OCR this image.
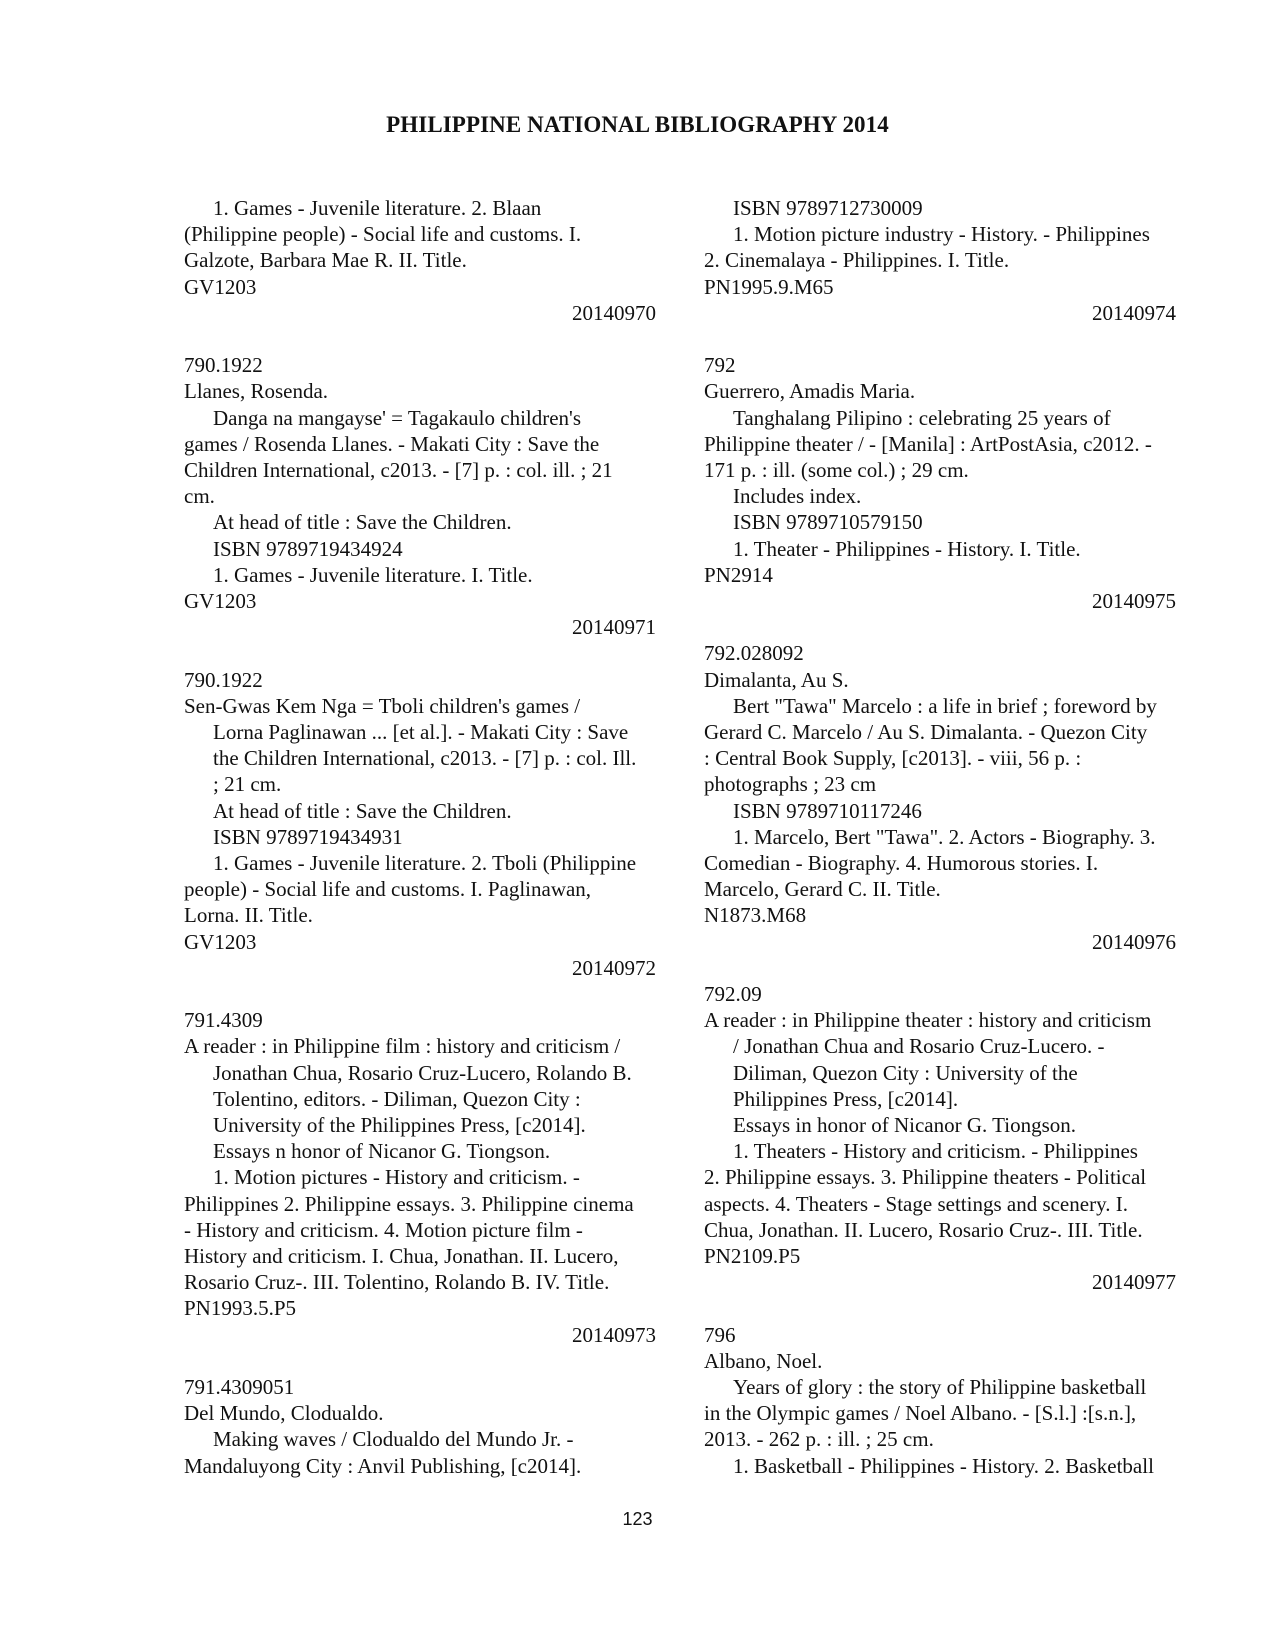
PHILIPPINE NATIONAL BIBLIOGRAPHY 2014
1. Games - Juvenile literature. 2. Blaan
(Philippine people) - Social life and customs. I.
Galzote, Barbara Mae R. II. Title.
GV1203
20140970
790.1922
Llanes, Rosenda.
Danga na mangayse' = Tagakaulo children's
games / Rosenda Llanes. - Makati City : Save the
Children International, c2013. - [7] p. : col. ill. ; 21
cm.
At head of title : Save the Children.
ISBN 9789719434924
1. Games - Juvenile literature. I. Title.
GV1203
20140971
790.1922
Sen-Gwas Kem Nga = Tboli children's games /
Lorna Paglinawan ... [et al.]. - Makati City : Save
the Children International, c2013. - [7] p. : col. Ill.
; 21 cm.
At head of title : Save the Children.
ISBN 9789719434931
1. Games - Juvenile literature. 2. Tboli (Philippine
people) - Social life and customs. I. Paglinawan,
Lorna. II. Title.
GV1203
20140972
791.4309
A reader : in Philippine film : history and criticism /
Jonathan Chua, Rosario Cruz-Lucero, Rolando B.
Tolentino, editors. - Diliman, Quezon City :
University of the Philippines Press, [c2014].
Essays n honor of Nicanor G. Tiongson.
1. Motion pictures - History and criticism. -
Philippines 2. Philippine essays. 3. Philippine cinema
- History and criticism. 4. Motion picture film -
History and criticism. I. Chua, Jonathan. II. Lucero,
Rosario Cruz-. III. Tolentino, Rolando B. IV. Title.
PN1993.5.P5
20140973
791.4309051
Del Mundo, Clodualdo.
Making waves / Clodualdo del Mundo Jr. -
Mandaluyong City : Anvil Publishing, [c2014].
ISBN 9789712730009
1. Motion picture industry - History. - Philippines
2. Cinemalaya - Philippines. I. Title.
PN1995.9.M65
20140974
792
Guerrero, Amadis Maria.
Tanghalang Pilipino : celebrating 25 years of
Philippine theater / - [Manila] : ArtPostAsia, c2012. -
171 p. : ill. (some col.) ; 29 cm.
Includes index.
ISBN 9789710579150
1. Theater - Philippines - History. I. Title.
PN2914
20140975
792.028092
Dimalanta, Au S.
Bert "Tawa" Marcelo : a life in brief ; foreword by
Gerard C. Marcelo / Au S. Dimalanta. - Quezon City
: Central Book Supply, [c2013]. - viii, 56 p. :
photographs ; 23 cm
ISBN 9789710117246
1. Marcelo, Bert "Tawa". 2. Actors - Biography. 3.
Comedian - Biography. 4. Humorous stories. I.
Marcelo, Gerard C. II. Title.
N1873.M68
20140976
792.09
A reader : in Philippine theater : history and criticism
/ Jonathan Chua and Rosario Cruz-Lucero. -
Diliman, Quezon City : University of the
Philippines Press, [c2014].
Essays in honor of Nicanor G. Tiongson.
1. Theaters - History and criticism. - Philippines
2. Philippine essays. 3. Philippine theaters - Political
aspects. 4. Theaters - Stage settings and scenery. I.
Chua, Jonathan. II. Lucero, Rosario Cruz-. III. Title.
PN2109.P5
20140977
796
Albano, Noel.
Years of glory : the story of Philippine basketball
in the Olympic games / Noel Albano. - [S.l.] :[s.n.],
2013. - 262 p. : ill. ; 25 cm.
1. Basketball - Philippines - History. 2. Basketball
123
